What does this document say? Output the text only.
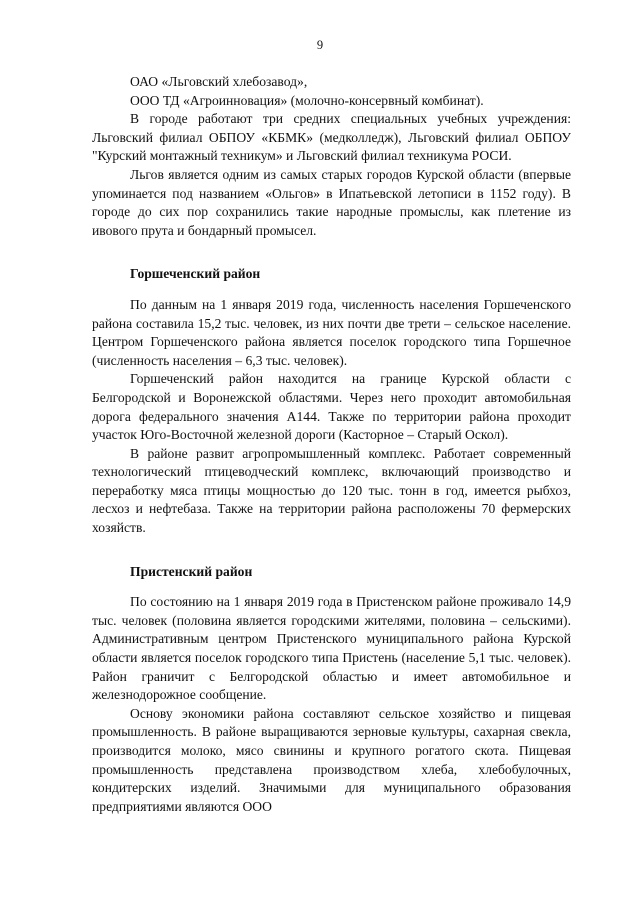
9

ОАО «Льговский хлебозавод»,

ООО ТД «Агроинновация» (молочно-консервный комбинат).

В городе работают три средних специальных учебных учреждения: Льговский филиал ОБПОУ «КБМК» (медколледж), Льговский филиал ОБПОУ "Курский монтажный техникум» и Льговский филиал техникума РОСИ.

Льгов является одним из самых старых городов Курской области (впервые упоминается под названием «Ольгов» в Ипатьевской летописи в 1152 году). В городе до сих пор сохранились такие народные промыслы, как плетение из ивового прута и бондарный промысел.

Горшеченский район

По данным на 1 января 2019 года, численность населения Горшеченского района составила 15,2 тыс. человек, из них почти две трети – сельское население. Центром Горшеченского района является поселок городского типа Горшечное (численность населения – 6,3 тыс. человек).

Горшеченский район находится на границе Курской области с Белгородской и Воронежской областями. Через него проходит автомобильная дорога федерального значения А144. Также по территории района проходит участок Юго-Восточной железной дороги (Касторное – Старый Оскол).

В районе развит агропромышленный комплекс. Работает современный технологический птицеводческий комплекс, включающий производство и переработку мяса птицы мощностью до 120 тыс. тонн в год, имеется рыбхоз, лесхоз и нефтебаза. Также на территории района расположены 70 фермерских хозяйств.

Пристенский район

По состоянию на 1 января 2019 года в Пристенском районе проживало 14,9 тыс. человек (половина является городскими жителями, половина – сельскими). Административным центром Пристенского муниципального района Курской области является поселок городского типа Пристень (население 5,1 тыс. человек). Район граничит с Белгородской областью и имеет автомобильное и железнодорожное сообщение.

Основу экономики района составляют сельское хозяйство и пищевая промышленность. В районе выращиваются зерновые культуры, сахарная свекла, производится молоко, мясо свинины и крупного рогатого скота. Пищевая промышленность представлена производством хлеба, хлебобулочных, кондитерских изделий. Значимыми для муниципального образования предприятиями являются ООО
